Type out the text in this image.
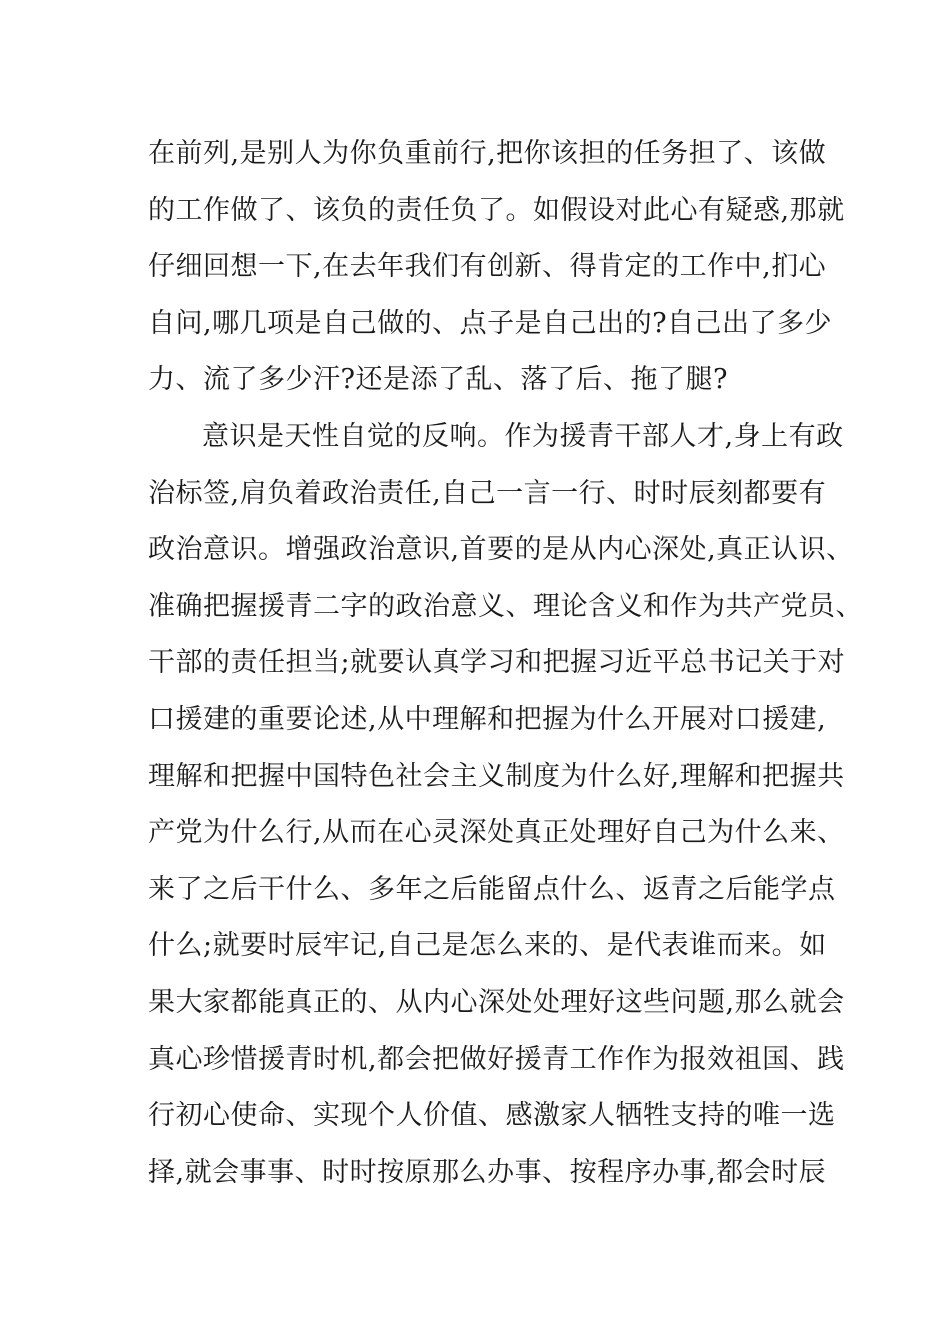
在前列,是别人为你负重前行,把你该担的任务担了、该做
的工作做了、该负的责任负了。如假设对此心有疑惑,那就
仔细回想一下,在去年我们有创新、得肯定的工作中,扪心
自问,哪几项是自己做的、点子是自己出的?自己出了多少
力、流了多少汗?还是添了乱、落了后、拖了腿?
意识是天性自觉的反响。作为援青干部人才,身上有政
治标签,肩负着政治责任,自己一言一行、时时辰刻都要有
政治意识。增强政治意识,首要的是从内心深处,真正认识、
准确把握援青二字的政治意义、理论含义和作为共产党员、
干部的责任担当;就要认真学习和把握习近平总书记关于对
口援建的重要论述,从中理解和把握为什么开展对口援建,
理解和把握中国特色社会主义制度为什么好,理解和把握共
产党为什么行,从而在心灵深处真正处理好自己为什么来、
来了之后干什么、多年之后能留点什么、返青之后能学点
什么;就要时辰牢记,自己是怎么来的、是代表谁而来。如
果大家都能真正的、从内心深处处理好这些问题,那么就会
真心珍惜援青时机,都会把做好援青工作作为报效祖国、践
行初心使命、实现个人价值、感激家人牺牲支持的唯一选
择,就会事事、时时按原那么办事、按程序办事,都会时辰
